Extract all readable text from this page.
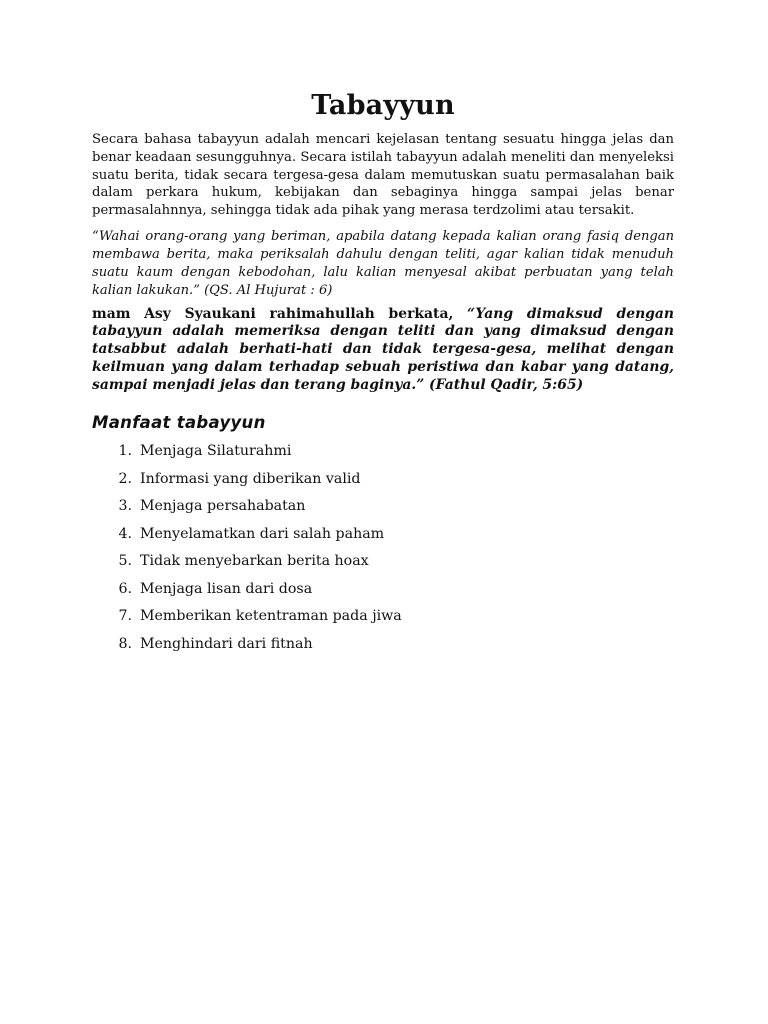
Tabayyun

Secara bahasa tabayyun adalah mencari kejelasan tentang sesuatu hingga jelas dan benar keadaan sesungguhnya. Secara istilah tabayyun adalah meneliti dan menyeleksi suatu berita, tidak secara tergesa-gesa dalam memutuskan suatu permasalahan baik dalam perkara hukum, kebijakan dan sebaginya hingga sampai jelas benar permasalahnnya, sehingga tidak ada pihak yang merasa terdzolimi atau tersakit.

“Wahai orang-orang yang beriman, apabila datang kepada kalian orang fasiq dengan membawa berita, maka periksalah dahulu dengan teliti, agar kalian tidak menuduh suatu kaum dengan kebodohan, lalu kalian menyesal akibat perbuatan yang telah kalian lakukan.” (QS. Al Hujurat : 6)

mam Asy Syaukani rahimahullah berkata, “Yang dimaksud dengan tabayyun adalah memeriksa dengan teliti dan yang dimaksud dengan tatsabbut adalah berhati-hati dan tidak tergesa-gesa, melihat dengan keilmuan yang dalam terhadap sebuah peristiwa dan kabar yang datang, sampai menjadi jelas dan terang baginya.” (Fathul Qadir, 5:65)

Manfaat tabayyun
1. Menjaga Silaturahmi
2. Informasi yang diberikan valid
3. Menjaga persahabatan
4. Menyelamatkan dari salah paham
5. Tidak menyebarkan berita hoax
6. Menjaga lisan dari dosa
7. Memberikan ketentraman pada jiwa
8. Menghindari dari fitnah
